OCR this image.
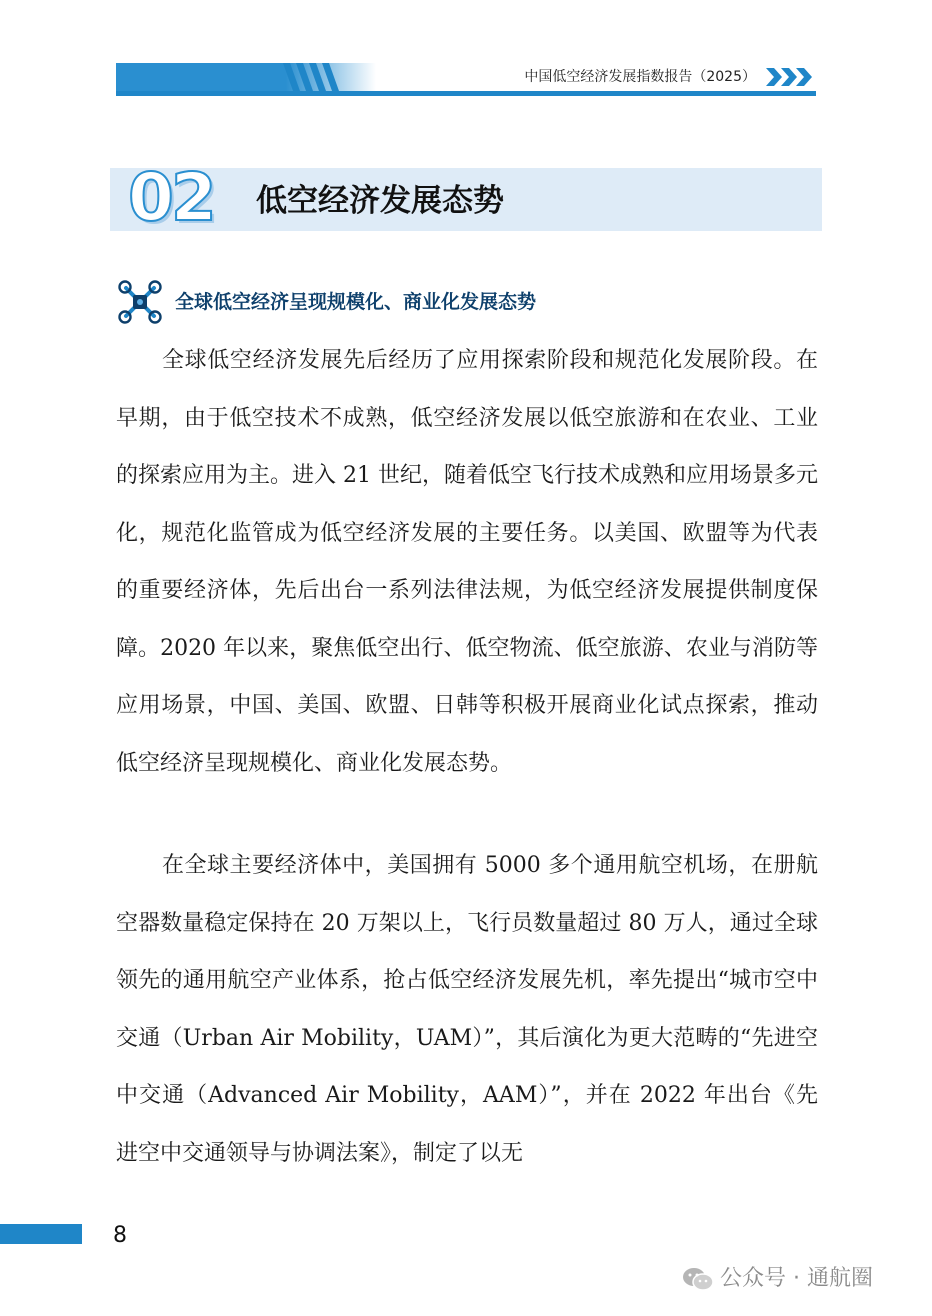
中国低空经济发展指数报告（2025）
02 低空经济发展态势
全球低空经济呈现规模化、商业化发展态势

全球低空经济发展先后经历了应用探索阶段和规范化发展阶段。在早期，由于低空技术不成熟，低空经济发展以低空旅游和在农业、工业的探索应用为主。进入 21 世纪，随着低空飞行技术成熟和应用场景多元化，规范化监管成为低空经济发展的主要任务。以美国、欧盟等为代表的重要经济体，先后出台一系列法律法规，为低空经济发展提供制度保障。2020 年以来，聚焦低空出行、低空物流、低空旅游、农业与消防等应用场景，中国、美国、欧盟、日韩等积极开展商业化试点探索，推动低空经济呈现规模化、商业化发展态势。

在全球主要经济体中，美国拥有 5000 多个通用航空机场，在册航空器数量稳定保持在 20 万架以上，飞行员数量超过 80 万人，通过全球领先的通用航空产业体系，抢占低空经济发展先机，率先提出“城市空中交通（Urban Air Mobility，UAM）”，其后演化为更大范畴的“先进空中交通（Advanced Air Mobility，AAM）”，并在 2022 年出台《先进空中交通领导与协调法案》，制定了以无

8
公众号 · 通航圈
